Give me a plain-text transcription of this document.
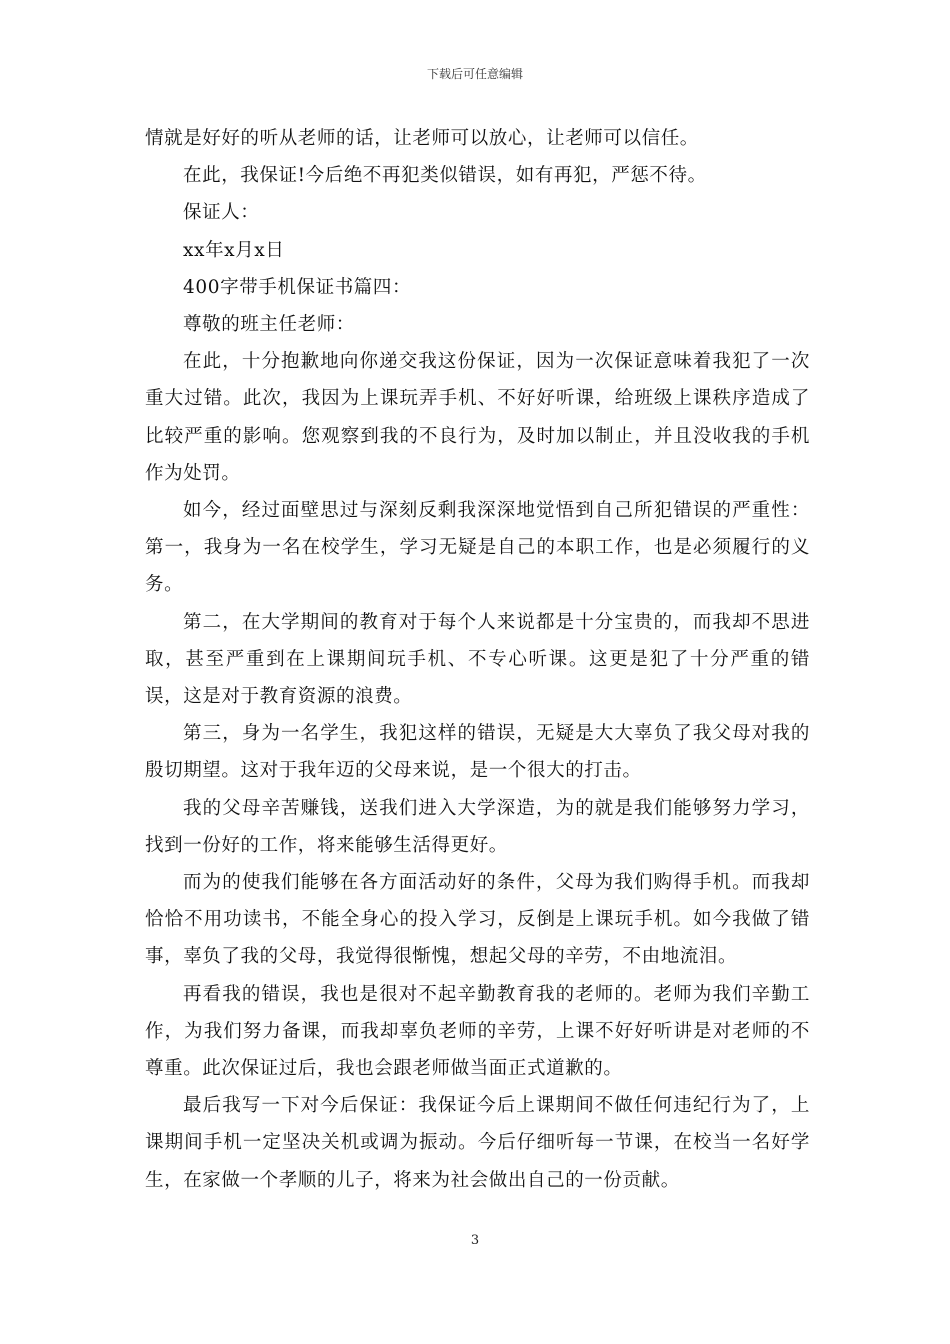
下载后可任意编辑

情就是好好的听从老师的话，让老师可以放心，让老师可以信任。

在此，我保证!今后绝不再犯类似错误，如有再犯，严惩不待。

保证人：

xx年x月x日

400字带手机保证书篇四：

尊敬的班主任老师：

在此，十分抱歉地向你递交我这份保证，因为一次保证意味着我犯了一次重大过错。此次，我因为上课玩弄手机、不好好听课，给班级上课秩序造成了比较严重的影响。您观察到我的不良行为，及时加以制止，并且没收我的手机作为处罚。

如今，经过面壁思过与深刻反剩我深深地觉悟到自己所犯错误的严重性：第一，我身为一名在校学生，学习无疑是自己的本职工作，也是必须履行的义务。

第二，在大学期间的教育对于每个人来说都是十分宝贵的，而我却不思进取，甚至严重到在上课期间玩手机、不专心听课。这更是犯了十分严重的错误，这是对于教育资源的浪费。

第三，身为一名学生，我犯这样的错误，无疑是大大辜负了我父母对我的殷切期望。这对于我年迈的父母来说，是一个很大的打击。

我的父母辛苦赚钱，送我们进入大学深造，为的就是我们能够努力学习，找到一份好的工作，将来能够生活得更好。

而为的使我们能够在各方面活动好的条件，父母为我们购得手机。而我却恰恰不用功读书，不能全身心的投入学习，反倒是上课玩手机。如今我做了错事，辜负了我的父母，我觉得很惭愧，想起父母的辛劳，不由地流泪。

再看我的错误，我也是很对不起辛勤教育我的老师的。老师为我们辛勤工作，为我们努力备课，而我却辜负老师的辛劳，上课不好好听讲是对老师的不尊重。此次保证过后，我也会跟老师做当面正式道歉的。

最后我写一下对今后保证：我保证今后上课期间不做任何违纪行为了，上课期间手机一定坚决关机或调为振动。今后仔细听每一节课，在校当一名好学生，在家做一个孝顺的儿子，将来为社会做出自己的一份贡献。

3
